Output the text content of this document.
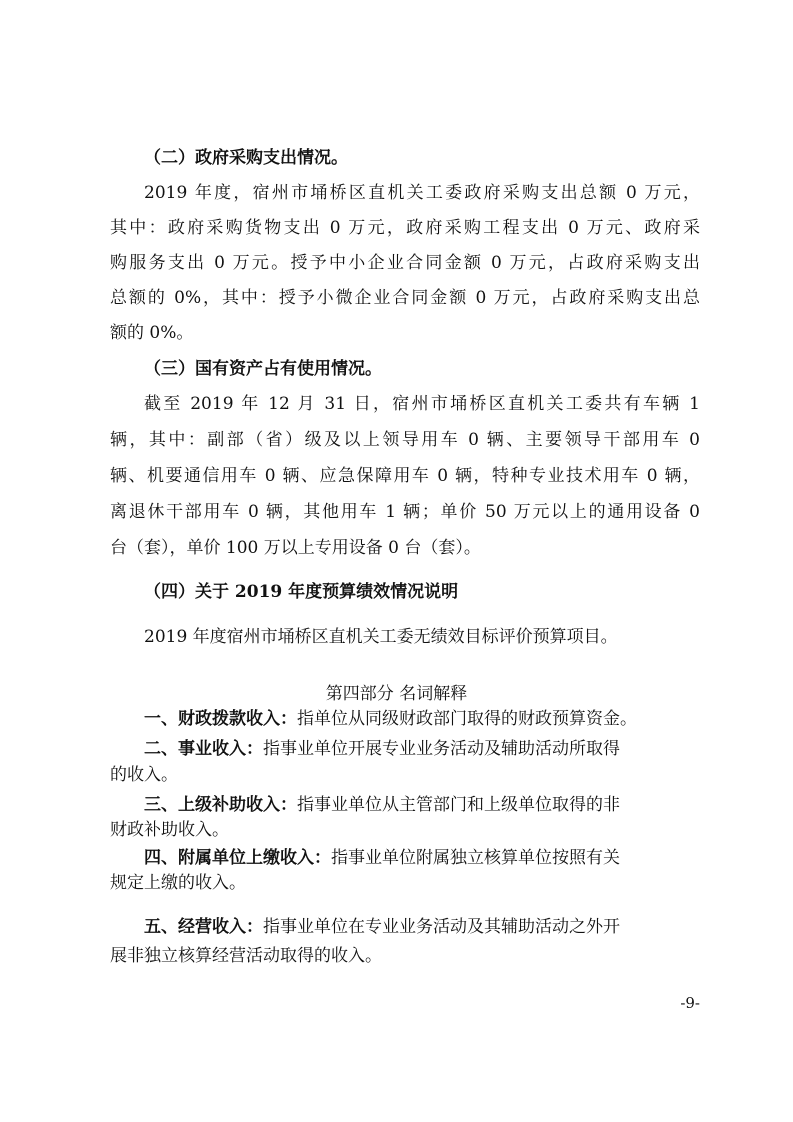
（二）政府采购支出情况。
2019 年度，宿州市埇桥区直机关工委政府采购支出总额 0 万元，
其中：政府采购货物支出 0 万元，政府采购工程支出 0 万元、政府采
购服务支出 0 万元。授予中小企业合同金额 0 万元，占政府采购支出
总额的 0%，其中：授予小微企业合同金额 0 万元，占政府采购支出总
额的 0%。
（三）国有资产占有使用情况。
截至 2019 年 12 月 31 日，宿州市埇桥区直机关工委共有车辆 1
辆，其中：副部（省）级及以上领导用车 0 辆、主要领导干部用车 0
辆、机要通信用车 0 辆、应急保障用车 0 辆，特种专业技术用车 0 辆，
离退休干部用车 0 辆，其他用车 1 辆；单价 50 万元以上的通用设备 0
台（套），单价 100 万以上专用设备 0 台（套）。
（四）关于 2019 年度预算绩效情况说明
2019 年度宿州市埇桥区直机关工委无绩效目标评价预算项目。
第四部分 名词解释
一、财政拨款收入：指单位从同级财政部门取得的财政预算资金。
二、事业收入：指事业单位开展专业业务活动及辅助活动所取得
的收入。
三、上级补助收入：指事业单位从主管部门和上级单位取得的非
财政补助收入。
四、附属单位上缴收入：指事业单位附属独立核算单位按照有关
规定上缴的收入。
五、经营收入：指事业单位在专业业务活动及其辅助活动之外开
展非独立核算经营活动取得的收入。
-9-
